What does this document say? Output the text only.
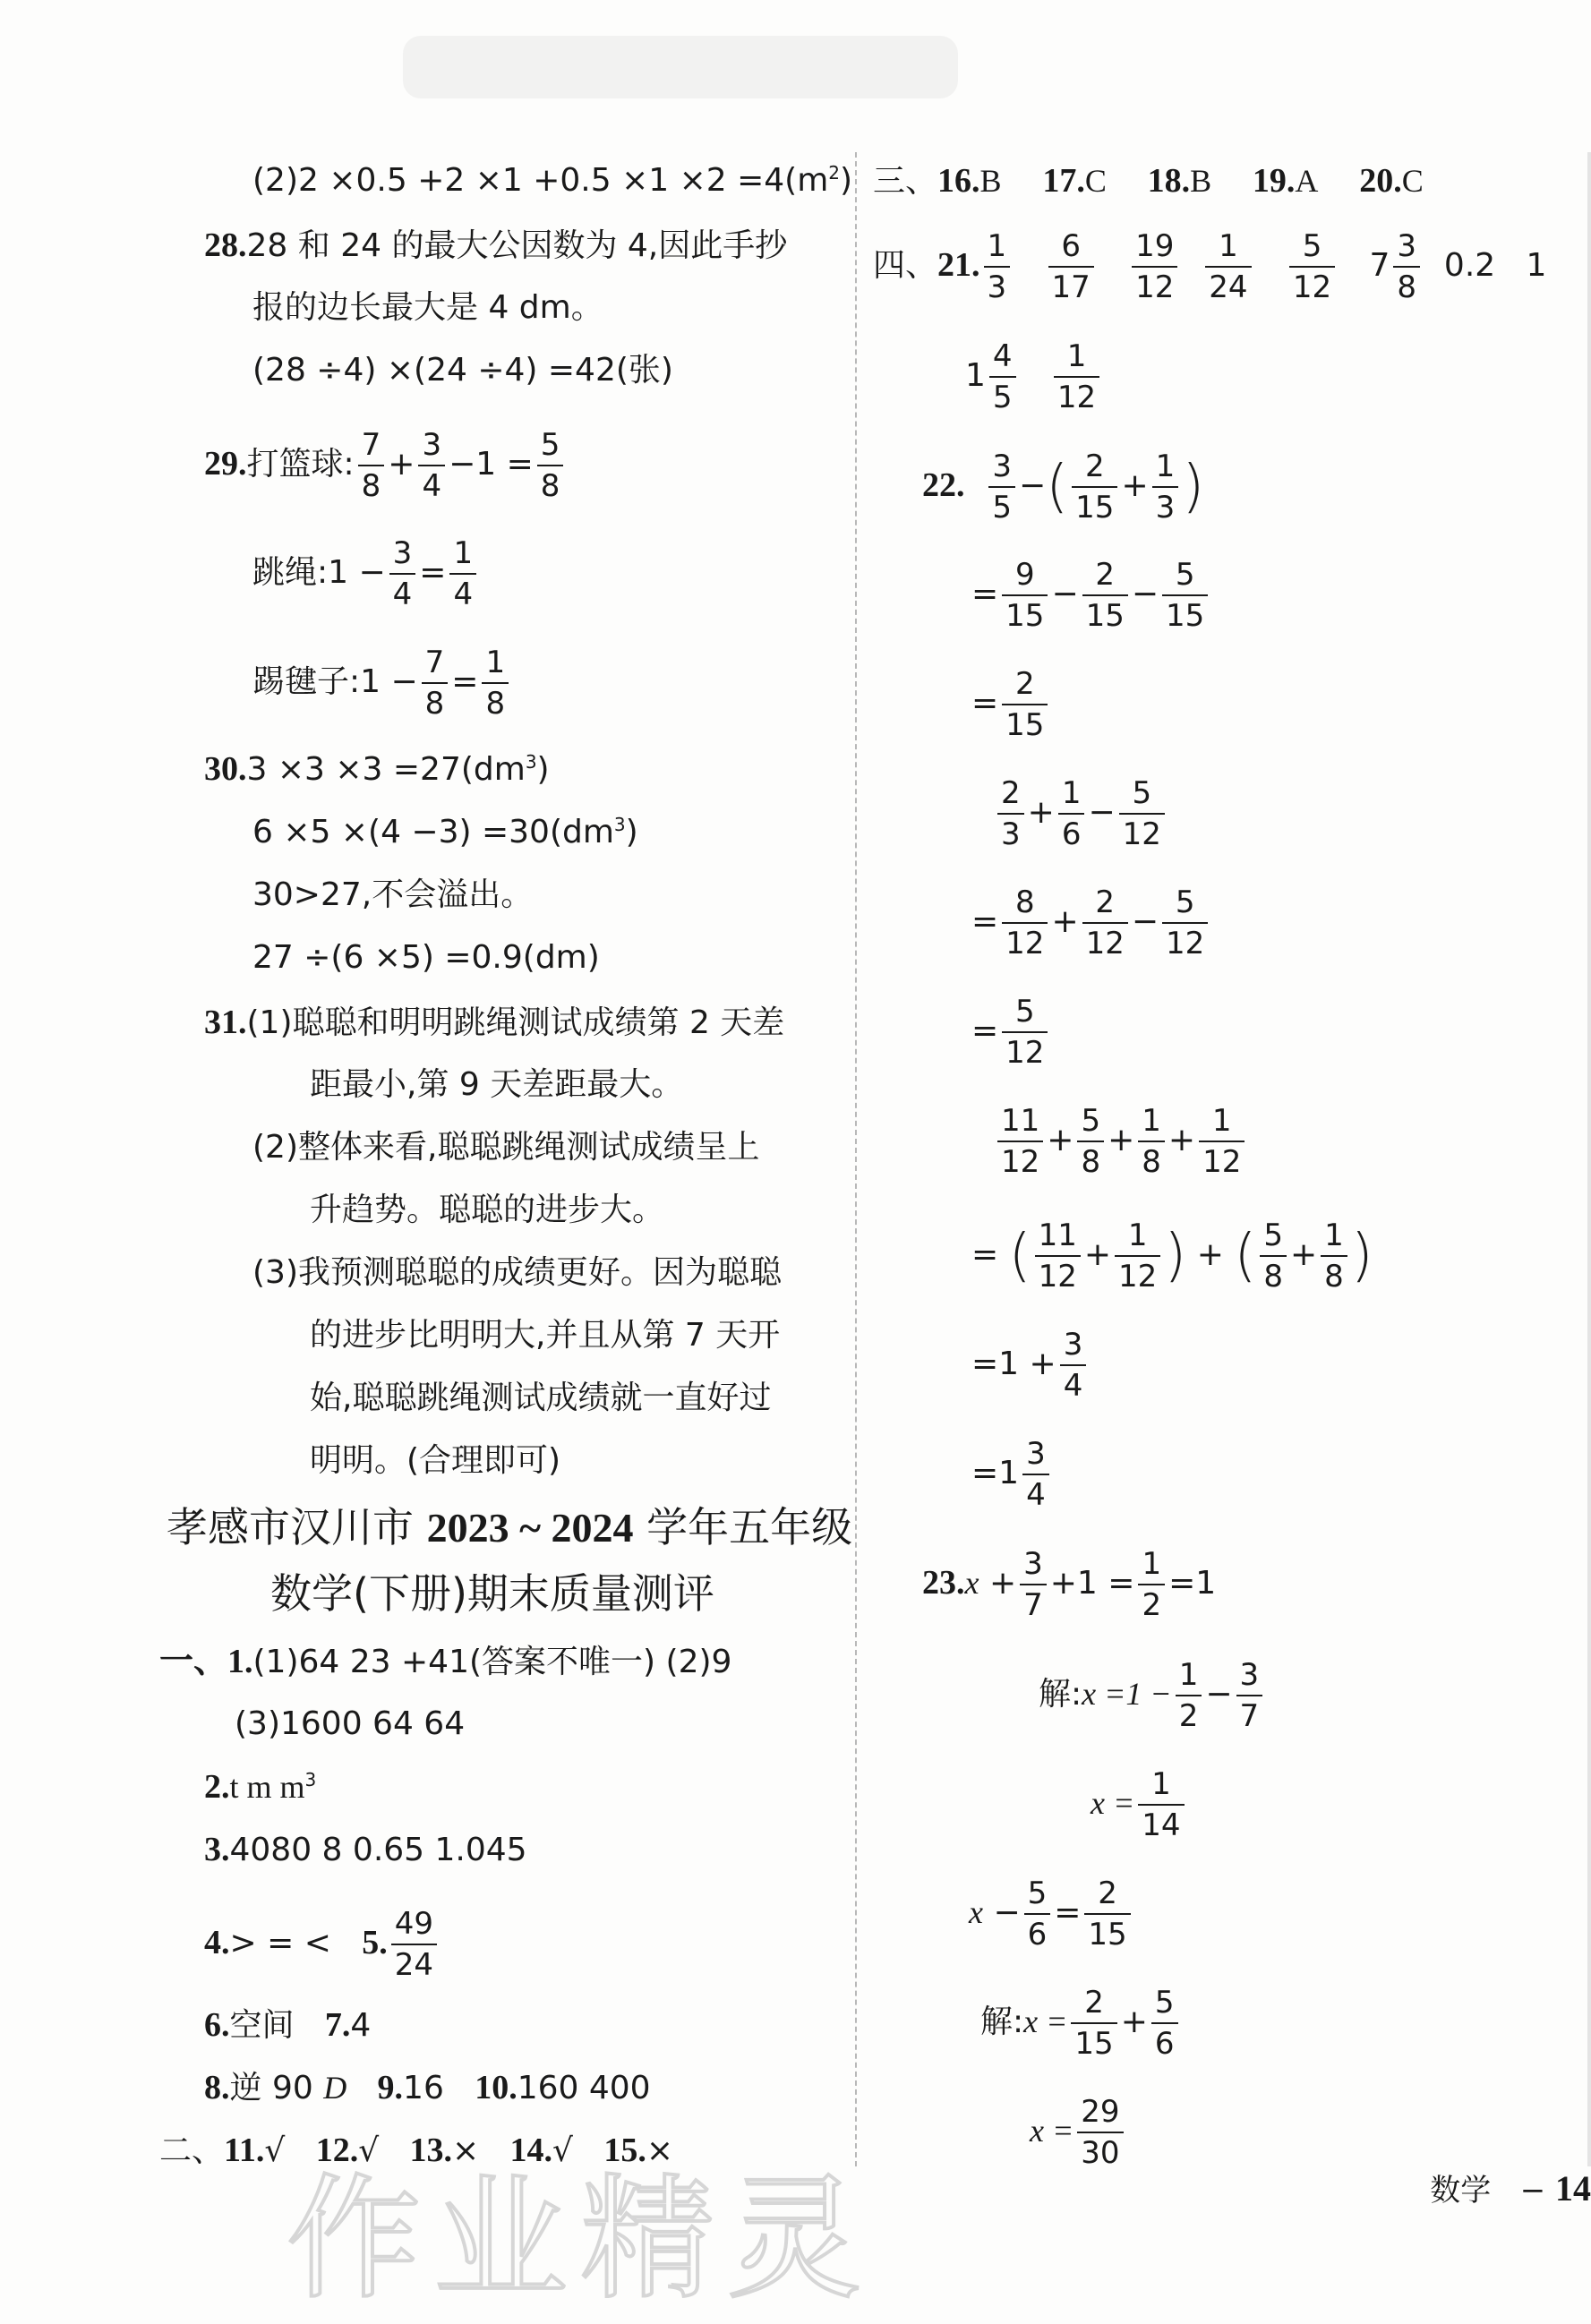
$(2)2 \times 0.5 +2 \times 1 +0.5 \times 1 \times 2 =4(m^2)$
28.28 和 24 的最大公因数为 4,因此手抄
报的边长最大是 4 dm。
(28 ÷4) ×(24 ÷4) =42(张)
29.打篮球: $\frac{7}{8} + \frac{3}{4} -1 = \frac{5}{8}$
跳绳:1 − $\frac{3}{4} = \frac{1}{4}$
踢毽子:1 − $\frac{7}{8} = \frac{1}{8}$
$30.3 \times 3 \times 3 =27(dm^3)$
$6 \times 5 \times(4 -3) =30(dm^3)$
30>27,不会溢出。
27 ÷(6 ×5) =0.9(dm)
31.(1)聪聪和明明跳绳测试成绩第 2 天差
距最小,第 9 天差距最大。
(2)整体来看,聪聪跳绳测试成绩呈上
升趋势。聪聪的进步大。
(3)我预测聪聪的成绩更好。因为聪聪
的进步比明明大,并且从第 7 天开
始,聪聪跳绳测试成绩就一直好过
明明。(合理即可)
孝感市汉川市 2023 ~ 2024 学年五年级
数学(下册)期末质量测评
一、1.(1)64 23 +41(答案不唯一) (2)9
(3)1600 64 64
2.t m $m^3$
3.4080 8 0.65 1.045
4.> = < 5. $\frac{49}{24}$
6.空间 7.4
8.逆 90 D 9.16 10.160 400
二、11.√ 12.√ 13.× 14.√ 15.×
三、16.B 17.C 18.B 19.A 20.C
四、21. $\frac{1}{3}$
$\frac{6}{17}$
$\frac{19}{12}$
$\frac{1}{24}$
$\frac{5}{12} 7 \frac{3}{8} 0.2$ 1
$1 \frac{4}{5}$
$\frac{1}{12}$
22. $\frac{3}{5}$ −( $\frac{2}{15} + \frac{1}{3}$ )
= $\frac{9}{15} - \frac{2}{15} - \frac{5}{15}$
= $\frac{2}{15}$
$\frac{2}{3} + \frac{1}{6} - \frac{5}{12}$
= $\frac{8}{12} + \frac{2}{12} - \frac{5}{12}$
= $\frac{5}{12}$
$\frac{11}{12} + \frac{5}{8} + \frac{1}{8} + \frac{1}{12}$
= ( $\frac{11}{12} + \frac{1}{12}$ ) + ( $\frac{5}{8} + \frac{1}{8}$ )
$=1 + \frac{3}{4}$
$=1 \frac{3}{4}$
$23.x + \frac{3}{7} +1 = \frac{1}{2} =1$
解:x $=1 - \frac{1}{2} - \frac{3}{7}$
$x = \frac{1}{14}$
$x - \frac{5}{6} = \frac{2}{15}$
解:x = $\frac{2}{15} + \frac{5}{6}$
$x = \frac{29}{30}$
数学 − 14
作业精灵
